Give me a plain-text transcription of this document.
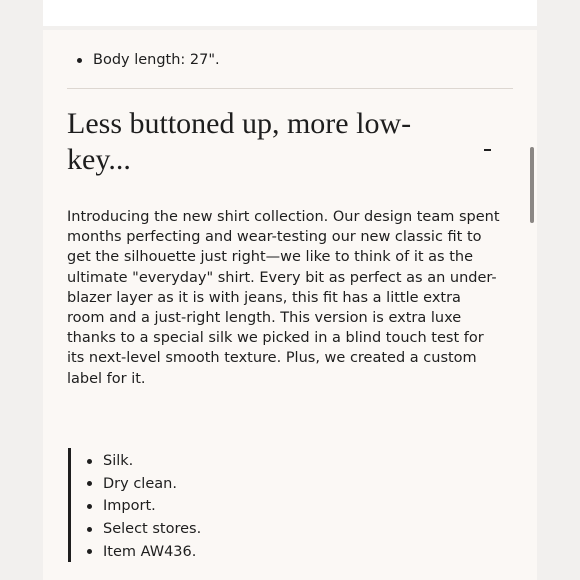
Body length: 27".
Less buttoned up, more low-key...

Introducing the new shirt collection. Our design team spent months perfecting and wear-testing our new classic fit to get the silhouette just right—we like to think of it as the ultimate "everyday" shirt. Every bit as perfect as an under-blazer layer as it is with jeans, this fit has a little extra room and a just-right length. This version is extra luxe thanks to a special silk we picked in a blind touch test for its next-level smooth texture. Plus, we created a custom label for it.

Silk.
Dry clean.
Import.
Select stores.
Item AW436.
